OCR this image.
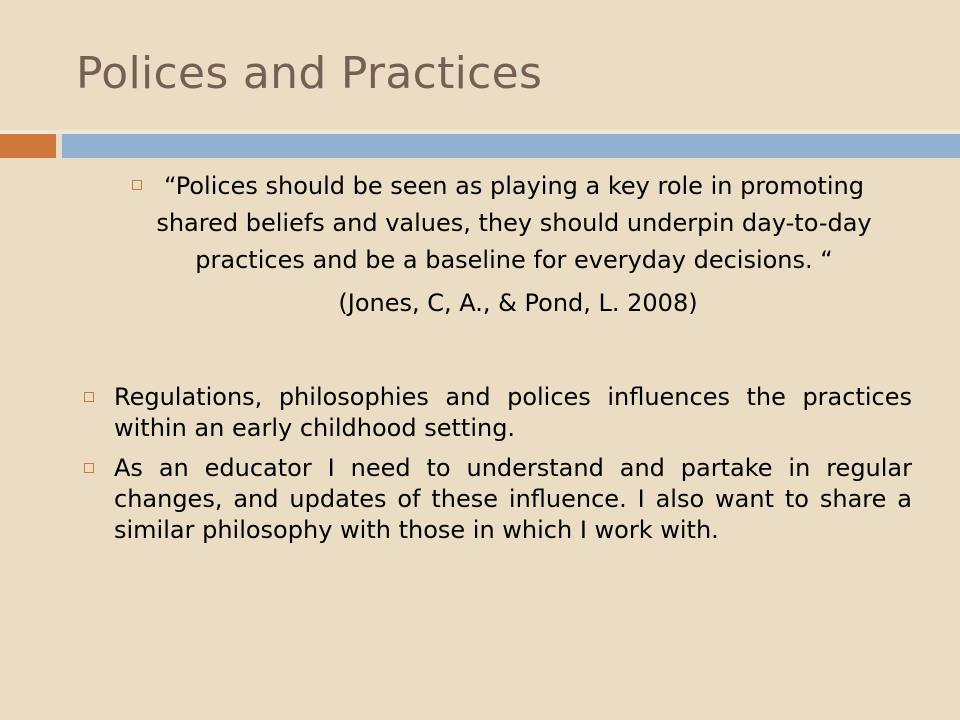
Polices and Practices
“Polices should be seen as playing a key role in promoting shared beliefs and values, they should underpin day-to-day practices and be a baseline for everyday decisions. “
(Jones, C, A., & Pond, L. 2008)
Regulations, philosophies and polices influences the practices within an early childhood setting.
As an educator I need to understand and partake in regular changes, and updates of these influence. I also want to share a similar philosophy with those in which I work with.
